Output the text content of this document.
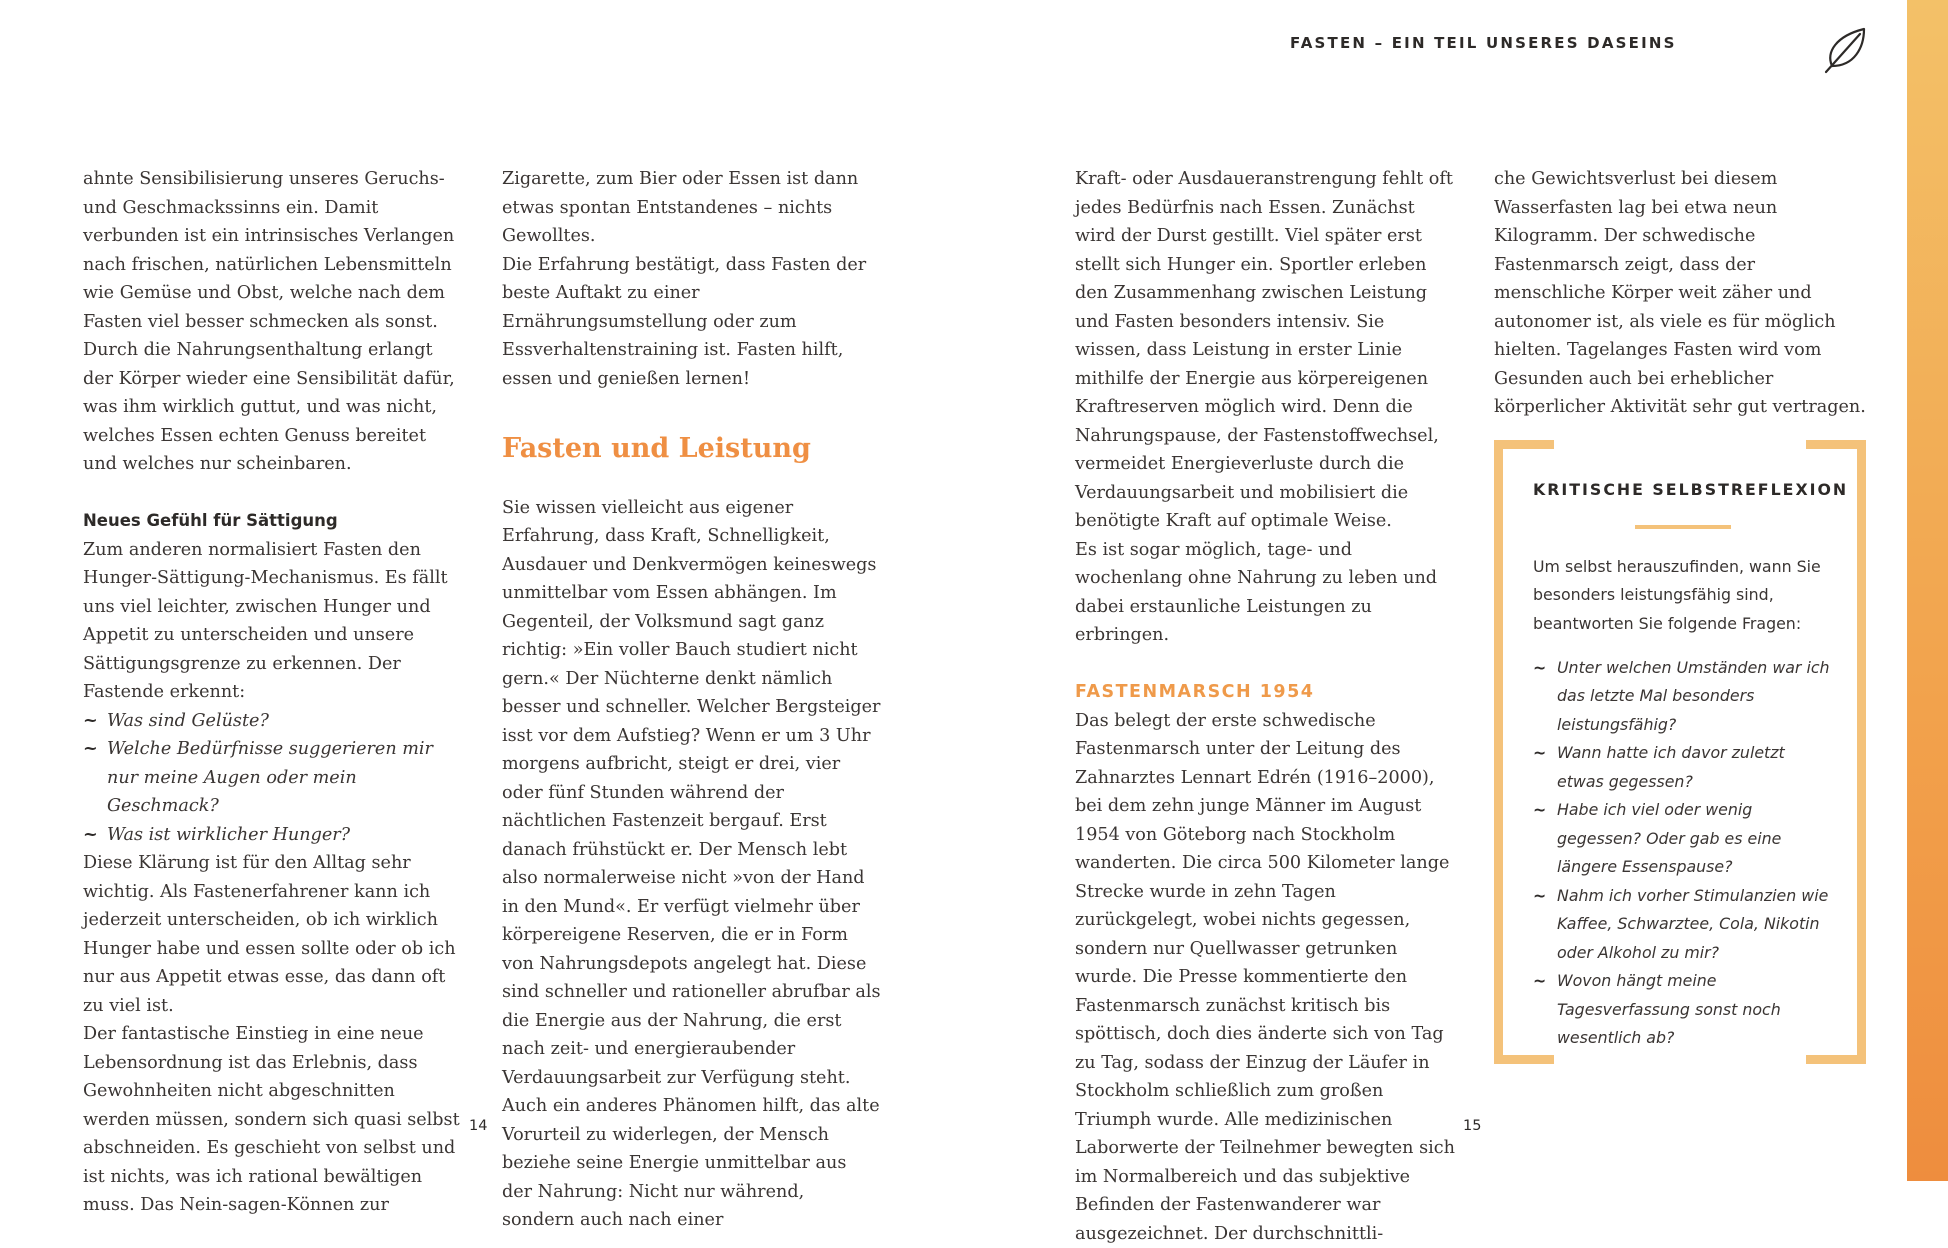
FASTEN – EIN TEIL UNSERES DASEINS

ahnte Sensibilisierung unseres Geruchs- und Geschmackssinns ein. Damit verbunden ist ein intrinsisches Verlangen nach frischen, natürlichen Lebensmitteln wie Gemüse und Obst, welche nach dem Fasten viel besser schmecken als sonst. Durch die Nahrungsenthaltung erlangt der Körper wieder eine Sensibilität dafür, was ihm wirklich guttut, und was nicht, welches Essen echten Genuss bereitet und welches nur scheinbaren.

Neues Gefühl für Sättigung

Zum anderen normalisiert Fasten den Hunger-Sättigung-Mechanismus. Es fällt uns viel leichter, zwischen Hunger und Appetit zu unterscheiden und unsere Sättigungsgrenze zu erkennen. Der Fastende erkennt:

~ Was sind Gelüste?
~ Welche Bedürfnisse suggerieren mir nur meine Augen oder mein Geschmack?
~ Was ist wirklicher Hunger?

Diese Klärung ist für den Alltag sehr wichtig. Als Fastenerfahrener kann ich jederzeit unterscheiden, ob ich wirklich Hunger habe und essen sollte oder ob ich nur aus Appetit etwas esse, das dann oft zu viel ist.

Der fantastische Einstieg in eine neue Lebensordnung ist das Erlebnis, dass Gewohnheiten nicht abgeschnitten werden müssen, sondern sich quasi selbst abschneiden. Es geschieht von selbst und ist nichts, was ich rational bewältigen muss. Das Nein-sagen-Können zur

Zigarette, zum Bier oder Essen ist dann etwas spontan Entstandenes – nichts Gewolltes.

Die Erfahrung bestätigt, dass Fasten der beste Auftakt zu einer Ernährungsumstellung oder zum Essverhaltenstraining ist. Fasten hilft, essen und genießen lernen!

Fasten und Leistung

Sie wissen vielleicht aus eigener Erfahrung, dass Kraft, Schnelligkeit, Ausdauer und Denkvermögen keineswegs unmittelbar vom Essen abhängen. Im Gegenteil, der Volksmund sagt ganz richtig: »Ein voller Bauch studiert nicht gern.« Der Nüchterne denkt nämlich besser und schneller. Welcher Bergsteiger isst vor dem Aufstieg? Wenn er um 3 Uhr morgens aufbricht, steigt er drei, vier oder fünf Stunden während der nächtlichen Fastenzeit bergauf. Erst danach frühstückt er. Der Mensch lebt also normalerweise nicht »von der Hand in den Mund«. Er verfügt vielmehr über körpereigene Reserven, die er in Form von Nahrungsdepots angelegt hat. Diese sind schneller und rationeller abrufbar als die Energie aus der Nahrung, die erst nach zeit- und energieraubender Verdauungsarbeit zur Verfügung steht.

Auch ein anderes Phänomen hilft, das alte Vorurteil zu widerlegen, der Mensch beziehe seine Energie unmittelbar aus der Nahrung: Nicht nur während, sondern auch nach einer

Kraft- oder Ausdaueranstrengung fehlt oft jedes Bedürfnis nach Essen. Zunächst wird der Durst gestillt. Viel später erst stellt sich Hunger ein. Sportler erleben den Zusammenhang zwischen Leistung und Fasten besonders intensiv. Sie wissen, dass Leistung in erster Linie mithilfe der Energie aus körpereigenen Kraftreserven möglich wird. Denn die Nahrungspause, der Fastenstoffwechsel, vermeidet Energieverluste durch die Verdauungsarbeit und mobilisiert die benötigte Kraft auf optimale Weise.

Es ist sogar möglich, tage- und wochenlang ohne Nahrung zu leben und dabei erstaunliche Leistungen zu erbringen.

FASTENMARSCH 1954

Das belegt der erste schwedische Fastenmarsch unter der Leitung des Zahnarztes Lennart Edrén (1916–2000), bei dem zehn junge Männer im August 1954 von Göteborg nach Stockholm wanderten. Die circa 500 Kilometer lange Strecke wurde in zehn Tagen zurückgelegt, wobei nichts gegessen, sondern nur Quellwasser getrunken wurde. Die Presse kommentierte den Fastenmarsch zunächst kritisch bis spöttisch, doch dies änderte sich von Tag zu Tag, sodass der Einzug der Läufer in Stockholm schließlich zum großen Triumph wurde. Alle medizinischen Laborwerte der Teilnehmer bewegten sich im Normalbereich und das subjektive Befinden der Fastenwanderer war ausgezeichnet. Der durchschnittli-

che Gewichtsverlust bei diesem Wasserfasten lag bei etwa neun Kilogramm. Der schwedische Fastenmarsch zeigt, dass der menschliche Körper weit zäher und autonomer ist, als viele es für möglich hielten. Tagelanges Fasten wird vom Gesunden auch bei erheblicher körperlicher Aktivität sehr gut vertragen.

KRITISCHE SELBSTREFLEXION

Um selbst herauszufinden, wann Sie besonders leistungsfähig sind, beantworten Sie folgende Fragen:

~ Unter welchen Umständen war ich das letzte Mal besonders leistungsfähig?
~ Wann hatte ich davor zuletzt etwas gegessen?
~ Habe ich viel oder wenig gegessen? Oder gab es eine längere Essenspause?
~ Nahm ich vorher Stimulanzien wie Kaffee, Schwarztee, Cola, Nikotin oder Alkohol zu mir?
~ Wovon hängt meine Tagesverfassung sonst noch wesentlich ab?
14	15
